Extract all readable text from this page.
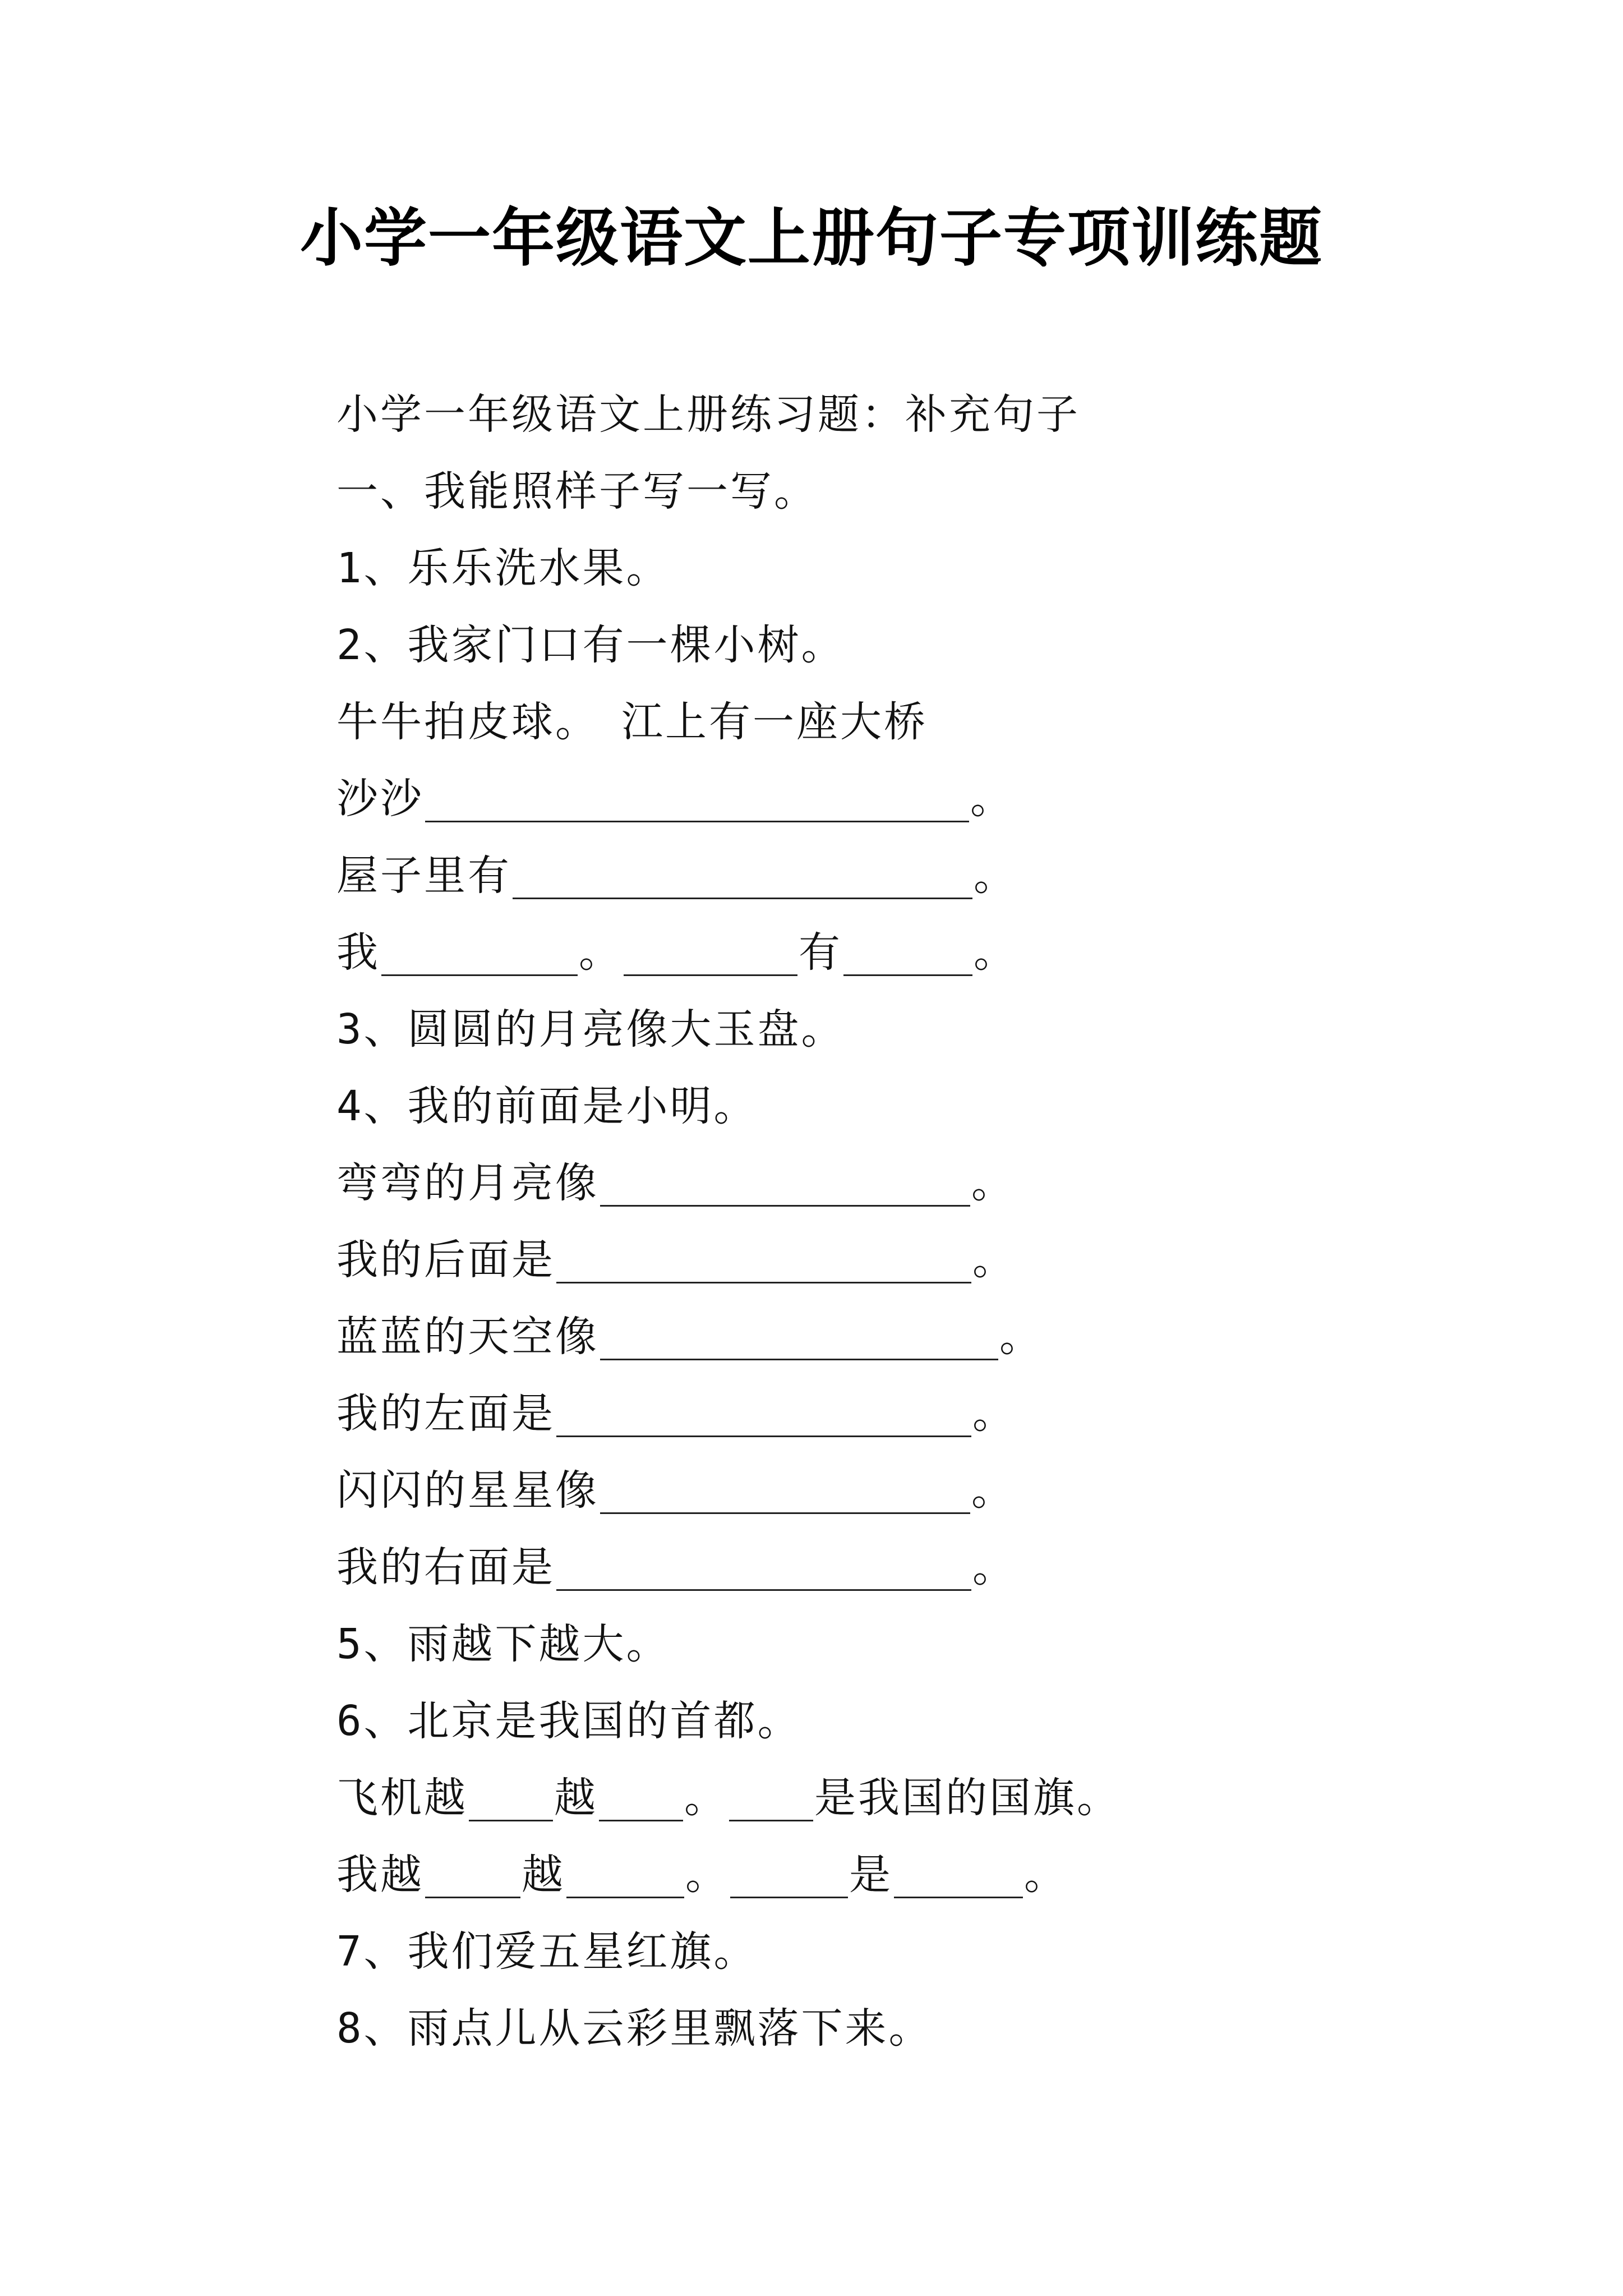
小学一年级语文上册句子专项训练题
小学一年级语文上册练习题：补充句子
一、我能照样子写一写。
1、乐乐洗水果。
2、我家门口有一棵小树。
牛牛拍皮球。 江上有一座大桥
沙沙	。
屋子里有	。
我	。	有	。
3、圆圆的月亮像大玉盘。
4、我的前面是小明。
弯弯的月亮像	。
我的后面是	。
蓝蓝的天空像	。
我的左面是	。
闪闪的星星像	。
我的右面是	。
5、雨越下越大。
6、北京是我国的首都。
飞机越 越 。 是我国的国旗。
我越 越	。	是	。
7、我们爱五星红旗。
8、雨点儿从云彩里飘落下来。
